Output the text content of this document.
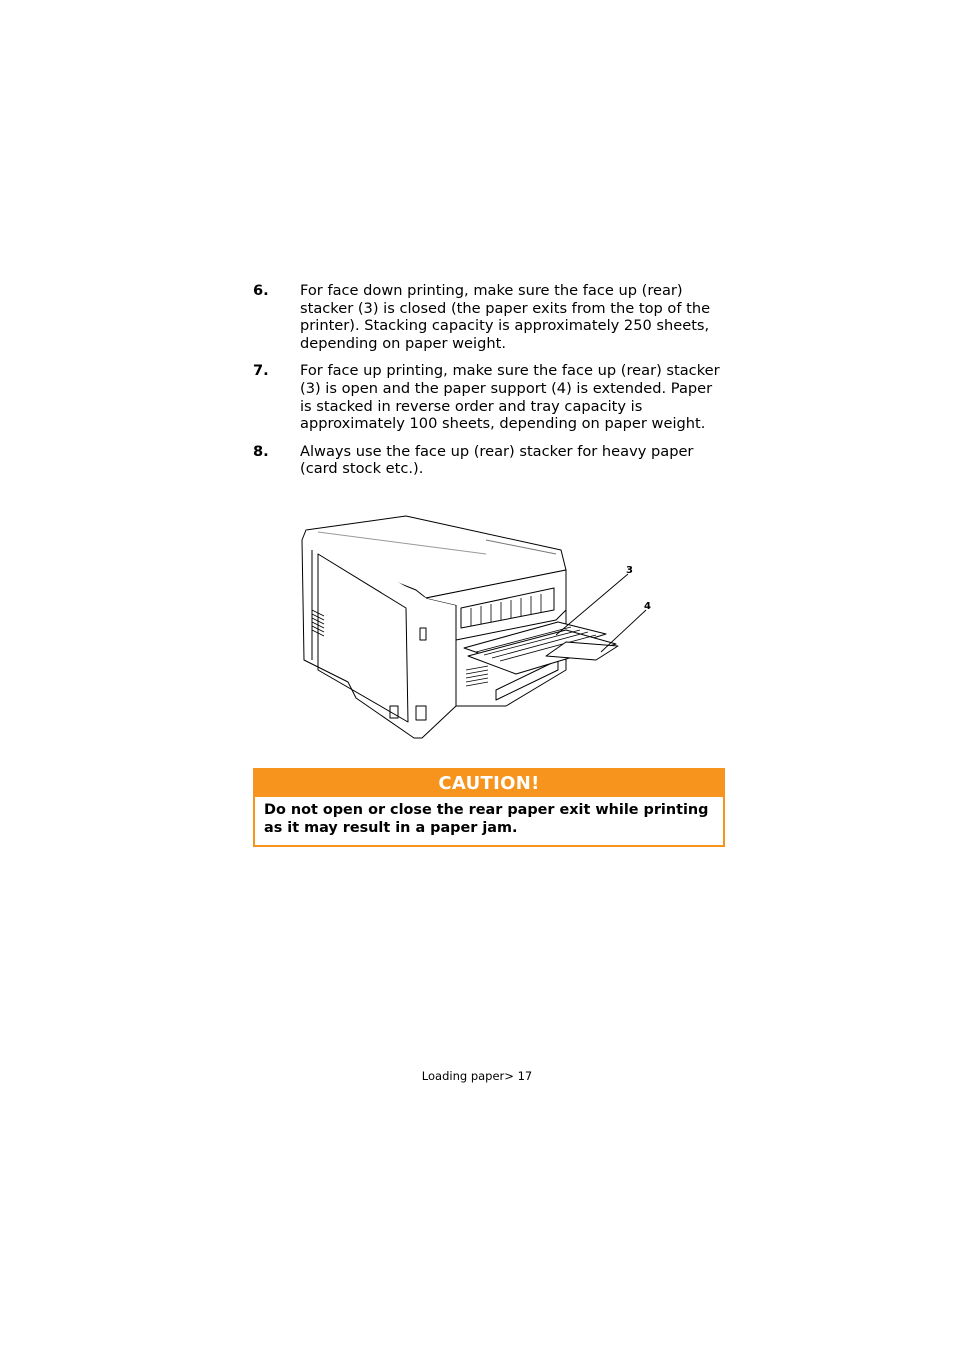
6. For face down printing, make sure the face up (rear) stacker (3) is closed (the paper exits from the top of the printer). Stacking capacity is approximately 250 sheets, depending on paper weight.
7. For face up printing, make sure the face up (rear) stacker (3) is open and the paper support (4) is extended. Paper is stacked in reverse order and tray capacity is approximately 100 sheets, depending on paper weight.
8. Always use the face up (rear) stacker for heavy paper (card stock etc.).
3
4
CAUTION!
Do not open or close the rear paper exit while printing as it may result in a paper jam.
Loading paper> 17
